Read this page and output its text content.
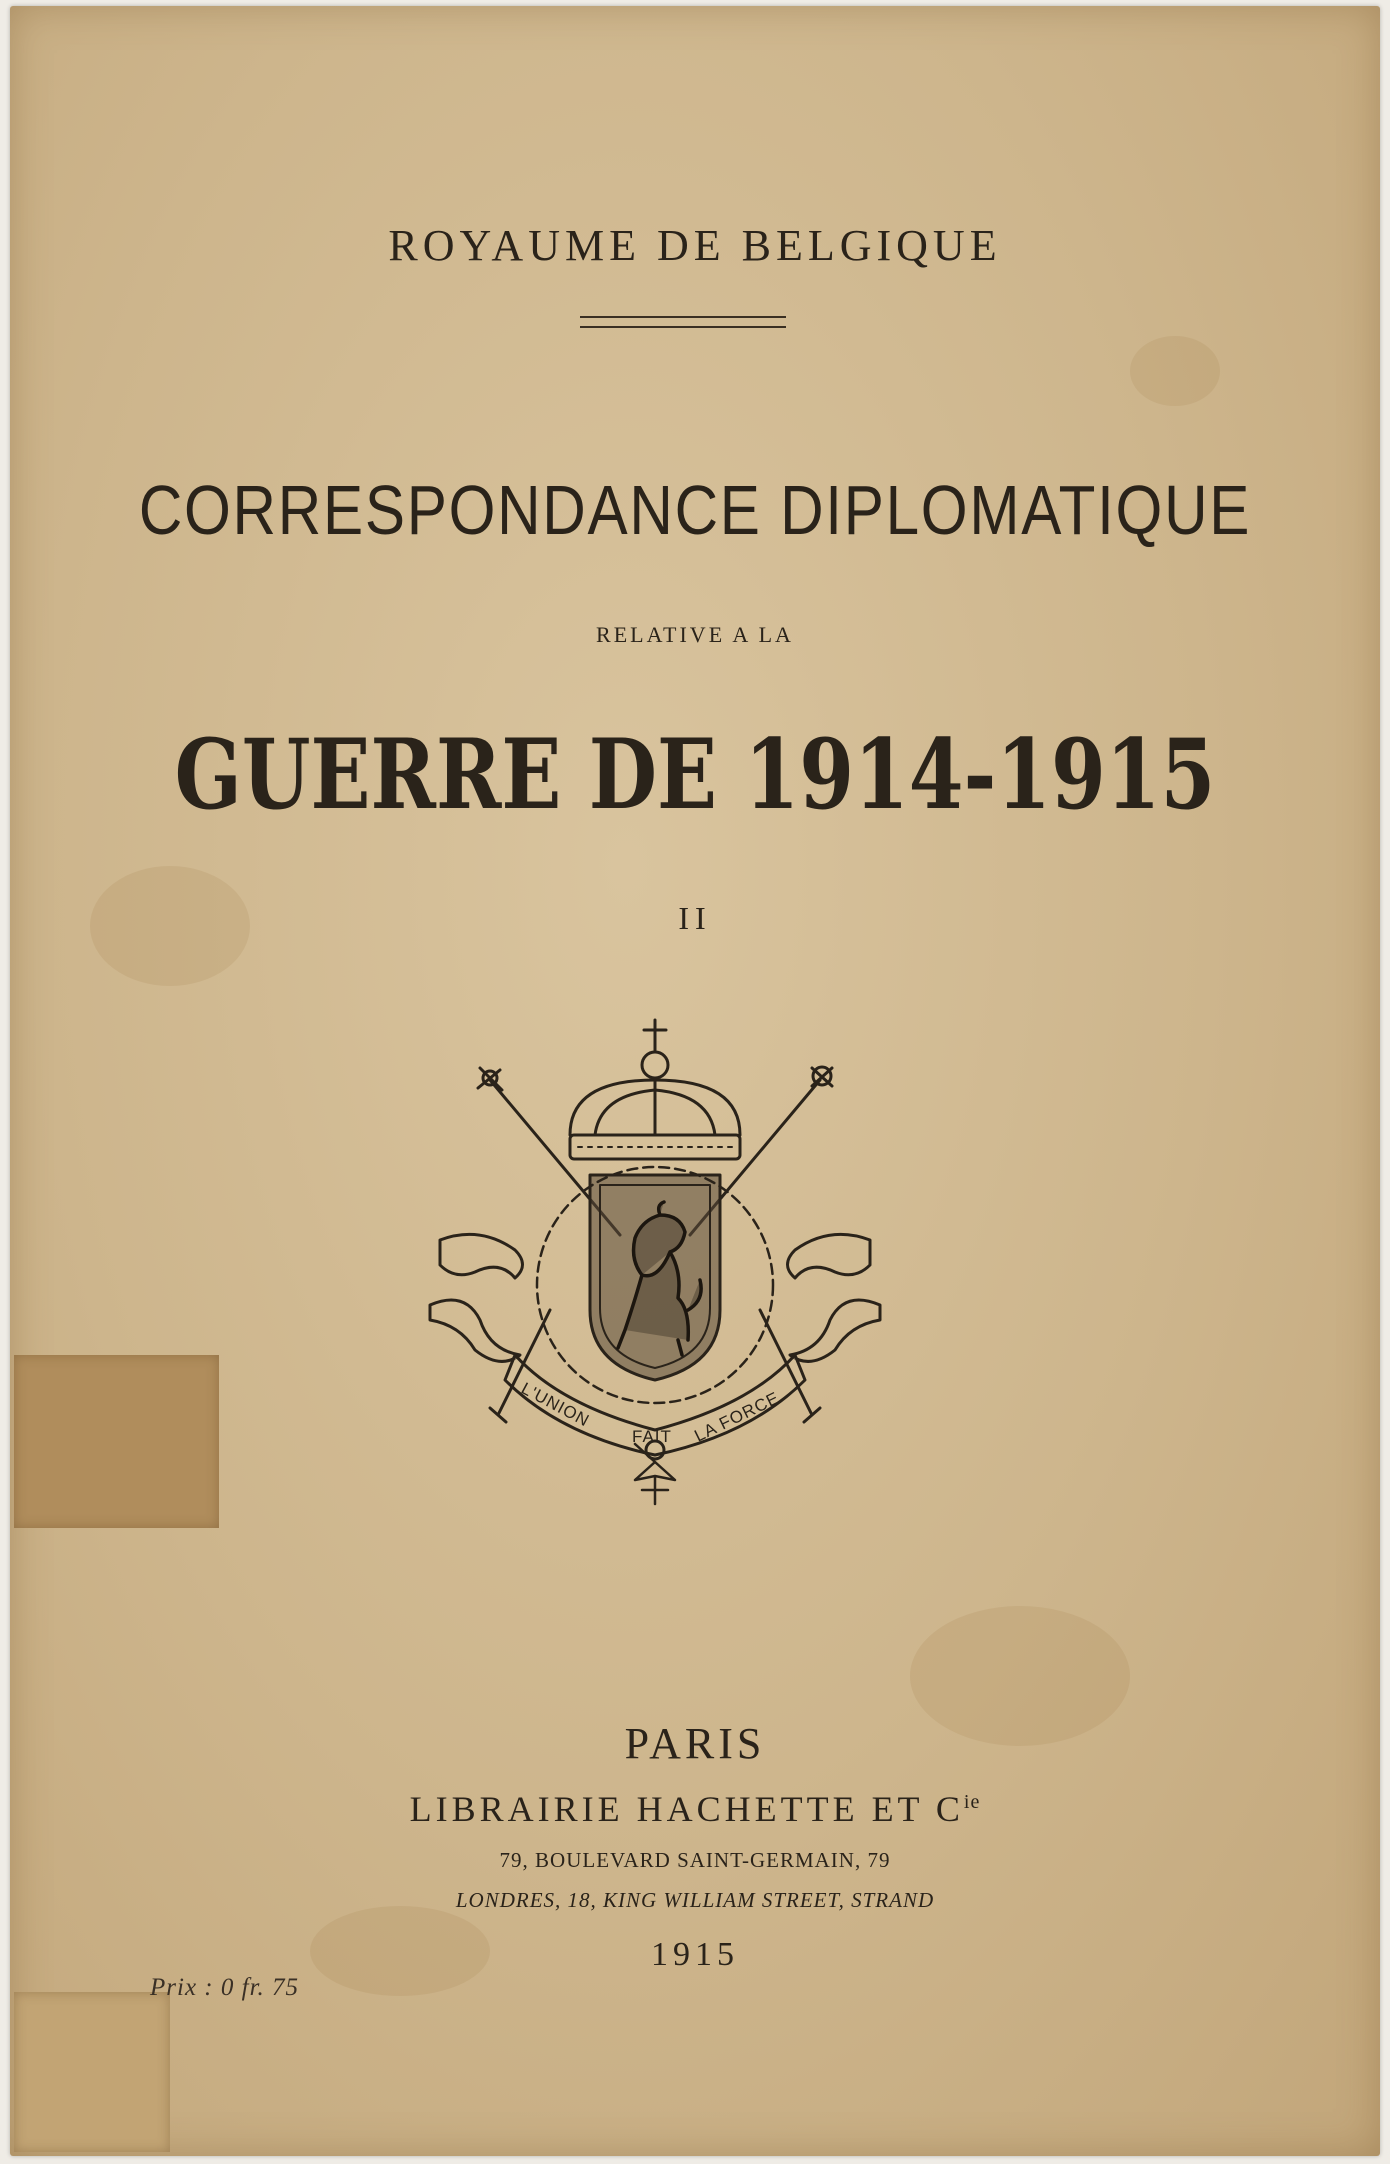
ROYAUME DE BELGIQUE
CORRESPONDANCE DIPLOMATIQUE
RELATIVE A LA
GUERRE DE 1914-1915
II
L'UNION
FAIT LA FORCE
PARIS
LIBRAIRIE HACHETTE ET $C^{ie}$
79, BOULEVARD SAINT-GERMAIN, 79
LONDRES, 18, KING WILLIAM STREET, STRAND
1915
Prix : 0 fr. 75
